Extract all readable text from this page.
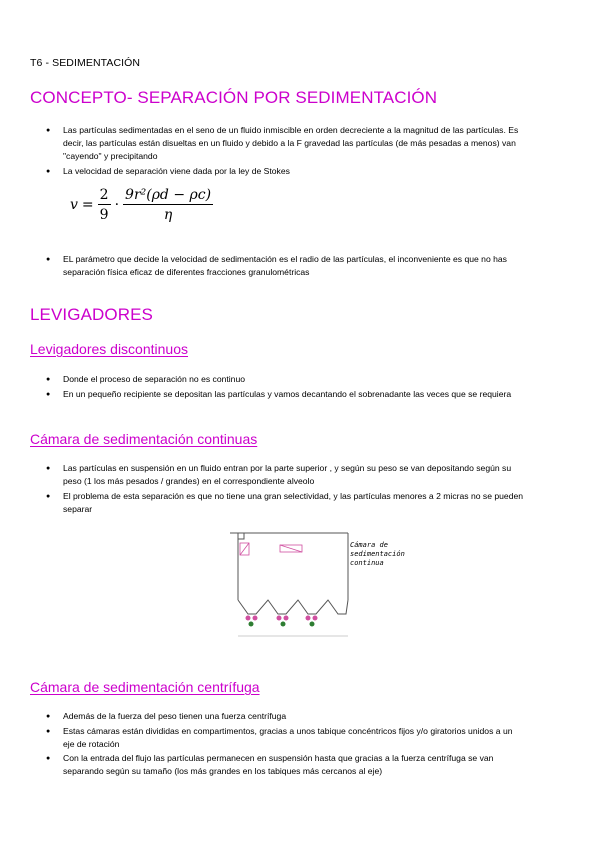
T6 - SEDIMENTACIÓN
CONCEPTO- SEPARACIÓN POR SEDIMENTACIÓN
● Las partículas sedimentadas en el seno de un fluido inmiscible en orden decreciente a la magnitud de las partículas. Es decir, las partículas están disueltas en un fluido y debido a la F gravedad las partículas (de más pesadas a menos) van "cayendo" y precipitando
● La velocidad de separación viene dada por la ley de Stokes
$v = \frac{2}{9} \cdot \frac{\text{9r²(ρd − ρc)}}{\eta}$
● EL parámetro que decide la velocidad de sedimentación es el radio de las partículas, el inconveniente es que no has separación física eficaz de diferentes fracciones granulométricas
LEVIGADORES
Levigadores discontinuos
● Donde el proceso de separación no es continuo
● En un pequeño recipiente se depositan las partículas y vamos decantando el sobrenadante las veces que se requiera
Cámara de sedimentación continuas
● Las partículas en suspensión en un fluido entran por la parte superior , y según su peso se van depositando según su peso (1 los más pesados / grandes) en el correspondiente alveolo
● El problema de esta separación es que no tiene una gran selectividad, y las partículas menores a 2 micras no se pueden separar
Cámara de sedimentación continua
Cámara de sedimentación centrífuga
● Además de la fuerza del peso tienen una fuerza centrífuga
● Estas cámaras están divididas en compartimentos, gracias a unos tabique concéntricos fijos y/o giratorios unidos a un eje de rotación
● Con la entrada del flujo las partículas permanecen en suspensión hasta que gracias a la fuerza centrífuga se van separando según su tamaño (los más grandes en los tabiques más cercanos al eje)
